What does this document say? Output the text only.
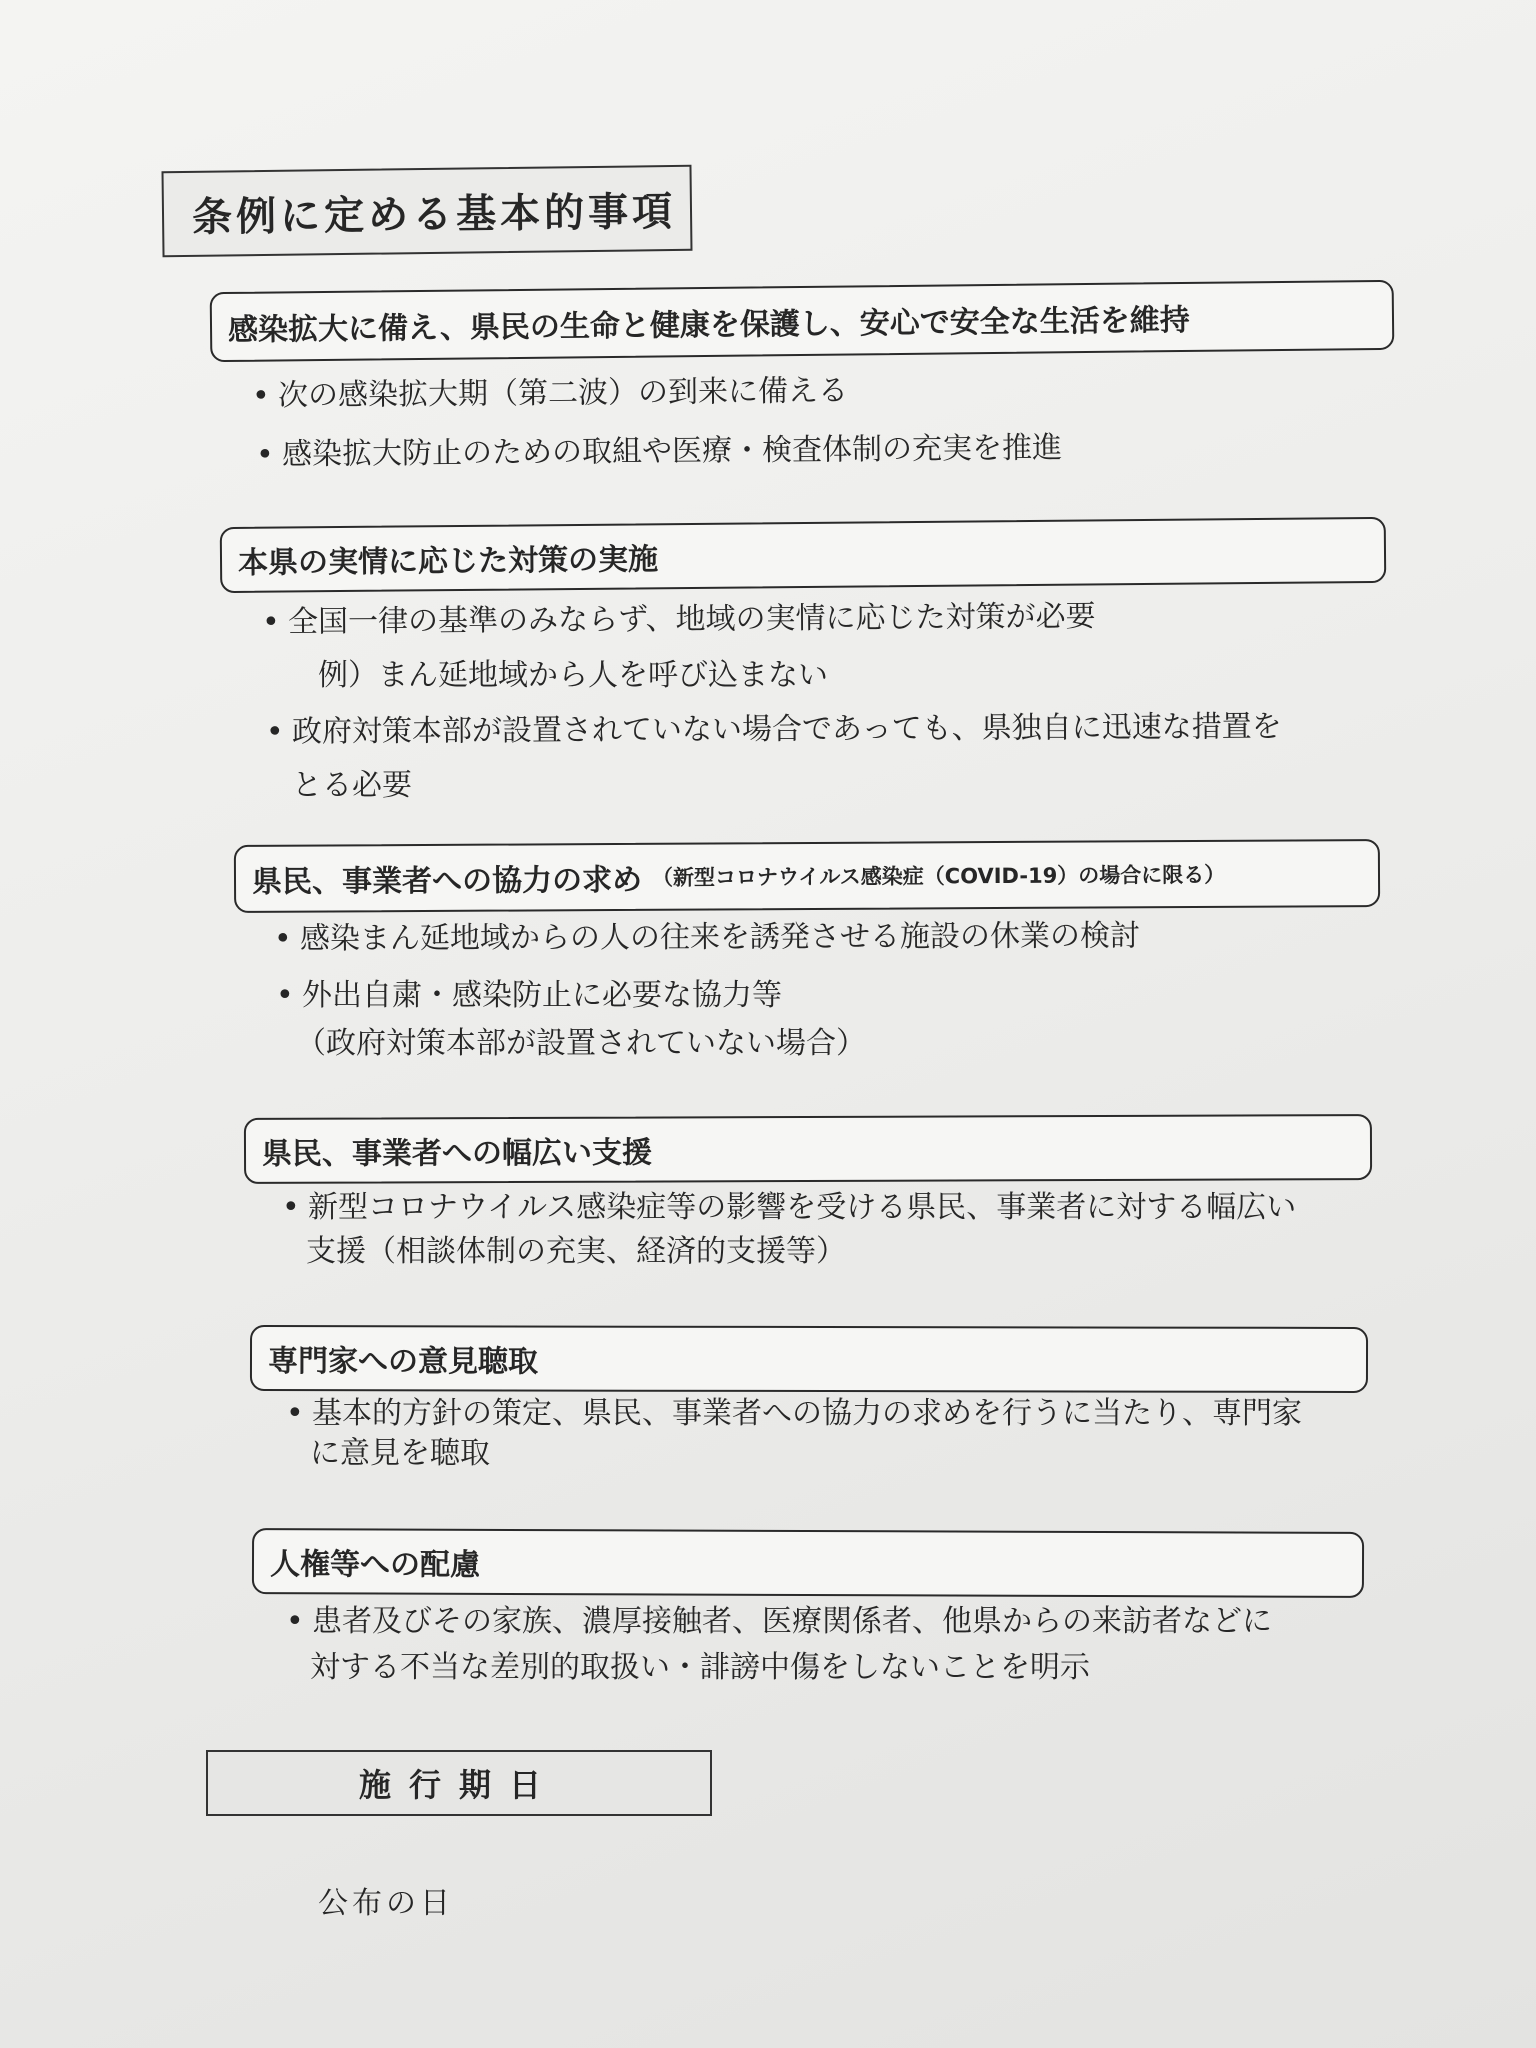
条例に定める基本的事項
感染拡大に備え、県民の生命と健康を保護し、安心で安全な生活を維持
• 次の感染拡大期（第二波）の到来に備える
• 感染拡大防止のための取組や医療・検査体制の充実を推進
本県の実情に応じた対策の実施
• 全国一律の基準のみならず、地域の実情に応じた対策が必要
例）まん延地域から人を呼び込まない
• 政府対策本部が設置されていない場合であっても、県独自に迅速な措置を
とる必要
県民、事業者への協力の求め （新型コロナウイルス感染症（COVID-19）の場合に限る）
• 感染まん延地域からの人の往来を誘発させる施設の休業の検討
• 外出自粛・感染防止に必要な協力等
（政府対策本部が設置されていない場合）
県民、事業者への幅広い支援
• 新型コロナウイルス感染症等の影響を受ける県民、事業者に対する幅広い
支援（相談体制の充実、経済的支援等）
専門家への意見聴取
• 基本的方針の策定、県民、事業者への協力の求めを行うに当たり、専門家
に意見を聴取
人権等への配慮
• 患者及びその家族、濃厚接触者、医療関係者、他県からの来訪者などに
対する不当な差別的取扱い・誹謗中傷をしないことを明示
施行期日
公布の日
